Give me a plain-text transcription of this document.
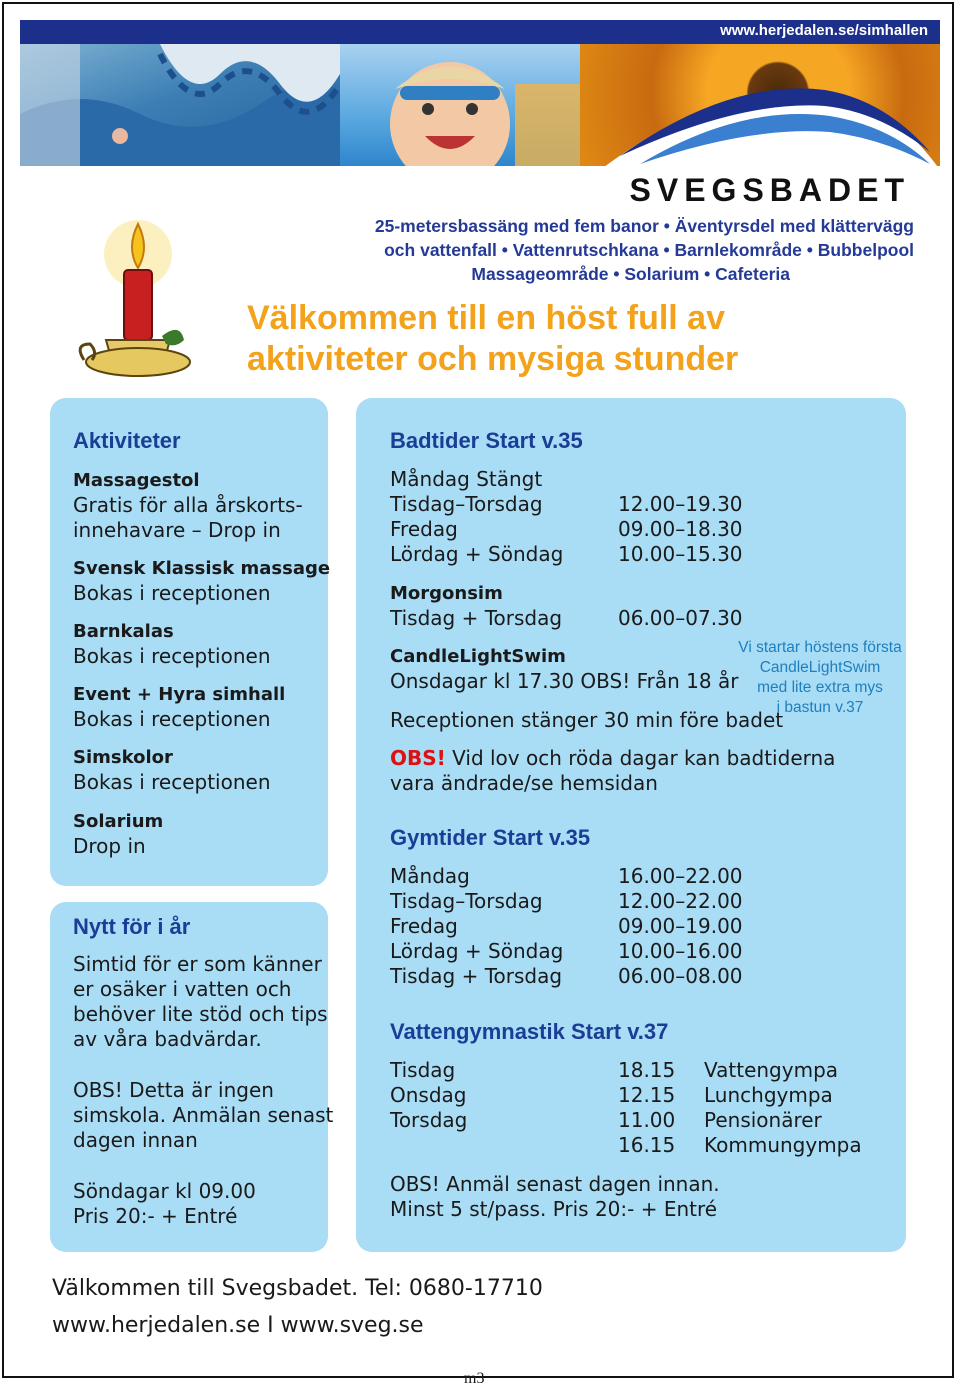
www.herjedalen.se/simhallen
SVEGSBADET
25-metersbassäng med fem banor • Äventyrsdel med klättervägg
och vattenfall • Vattenrutschkana • Barnlekområde • Bubbelpool
Massageområde • Solarium • Cafeteria
Välkommen till en höst full av
aktiviteter och mysiga stunder
Aktiviteter
Massagestol
Gratis för alla årskorts-
innehavare – Drop in
Svensk Klassisk massage
Bokas i receptionen
Barnkalas
Bokas i receptionen
Event + Hyra simhall
Bokas i receptionen
Simskolor
Bokas i receptionen
Solarium
Drop in
Nytt för i år
Simtid för er som känner
er osäker i vatten och
behöver lite stöd och tips
av våra badvärdar.
OBS! Detta är ingen
simskola. Anmälan senast
dagen innan
Söndagar kl 09.00
Pris 20:- + Entré
Badtider Start v.35
Måndag Stängt
Tisdag–Torsdag	12.00–19.30
Fredag	09.00–18.30
Lördag + Söndag	10.00–15.30
Morgonsim
Tisdag + Torsdag	06.00–07.30
CandleLightSwim
Onsdagar kl 17.30 OBS! Från 18 år
Receptionen stänger 30 min före badet
Vi startar höstens första
CandleLightSwim
med lite extra mys
i bastun v.37
OBS! Vid lov och röda dagar kan badtiderna
vara ändrade/se hemsidan
Gymtider Start v.35
Måndag	16.00–22.00
Tisdag–Torsdag	12.00–22.00
Fredag	09.00–19.00
Lördag + Söndag	10.00–16.00
Tisdag + Torsdag	06.00–08.00
Vattengymnastik Start v.37
Tisdag	18.15 Vattengympa
Onsdag	12.15 Lunchgympa
Torsdag	11.00 Pensionärer
16.15 Kommungympa
OBS! Anmäl senast dagen innan.
Minst 5 st/pass. Pris 20:- + Entré
Välkommen till Svegsbadet. Tel: 0680-17710
www.herjedalen.se I www.sveg.se
m3
